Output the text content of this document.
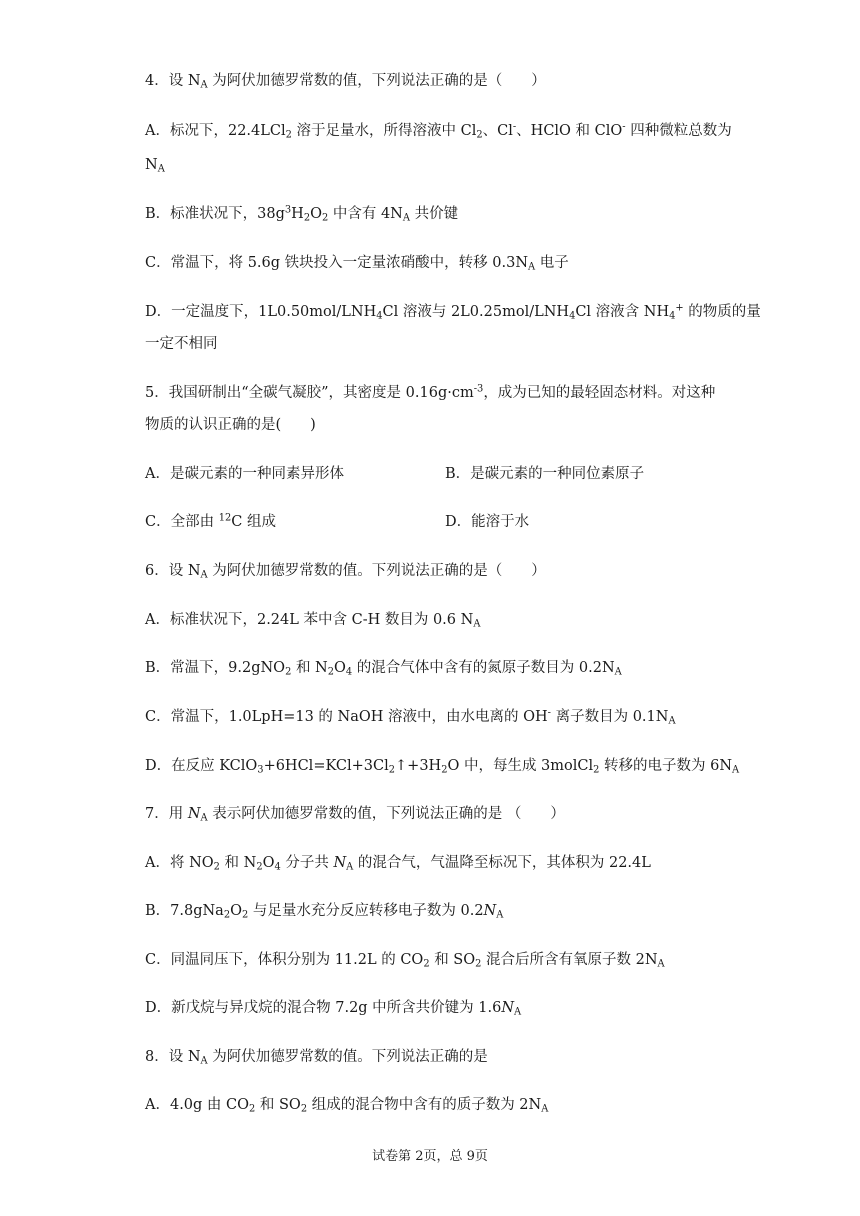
4．设 $N_A$ 为阿伏加德罗常数的值，下列说法正确的是（　　）
A．标况下，22.4LCl$_2$ 溶于足量水，所得溶液中 $Cl_2$、Cl-、HClO 和 ClO- 四种微粒总数为
$N_A$
B．标准状况下，$38g^3H_2O_2$ 中含有 $4N_A$ 共价键
C．常温下，将 5.6g 铁块投入一定量浓硝酸中，转移 $0.3N_A$ 电子
D．一定温度下，$1L0.50mol/LNH_4Cl$ 溶液与 $2L0.25mol/LNH_4Cl$ 溶液含 $NH_4^+$ 的物质的量
一定不相同
5．我国研制出“全碳气凝胶”，其密度是 $0.16g\cdot cm^{-3}$，成为已知的最轻固态材料。对这种
物质的认识正确的是(　　)
A．是碳元素的一种同素异形体	B．是碳元素的一种同位素原子
C．全部由 $^{12}$C 组成	D．能溶于水
6．设 $N_A$ 为阿伏加德罗常数的值。下列说法正确的是（　　）
A．标准状况下，2.24L 苯中含 C-H 数目为 0.6 $N_A$
B．常温下，9.2gNO$_2$ 和 $N_2O_4$ 的混合气体中含有的氮原子数目为 $0.2N_A$
C．常温下，1.0LpH=13 的 NaOH 溶液中，由水电离的 OH- 离子数目为 $0.1N_A$
D．在反应 $KClO_3+6HCl=KCl+3Cl_2↑+3H_2O$ 中，每生成 3molCl$_2$ 转移的电子数为 $6N_A$
7．用 $N_A$ 表示阿伏加德罗常数的值，下列说法正确的是 （　　）
A．将 $NO_2$ 和 $N_2O_4$ 分子共 $N_A$ 的混合气，气温降至标况下，其体积为 22.4L
B．$7.8gNa_2O_2$ 与足量水充分反应转移电子数为 $0.2N_A$
C．同温同压下，体积分别为 11.2L 的 $CO_2$ 和 $SO_2$ 混合后所含有氧原子数 $2N_A$
D．新戊烷与异戊烷的混合物 7.2g 中所含共价键为 $1.6N_A$
8．设 $N_A$ 为阿伏加德罗常数的值。下列说法正确的是
A．4.0g 由 $CO_2$ 和 $SO_2$ 组成的混合物中含有的质子数为 $2N_A$
试卷第 2页，总 9页
